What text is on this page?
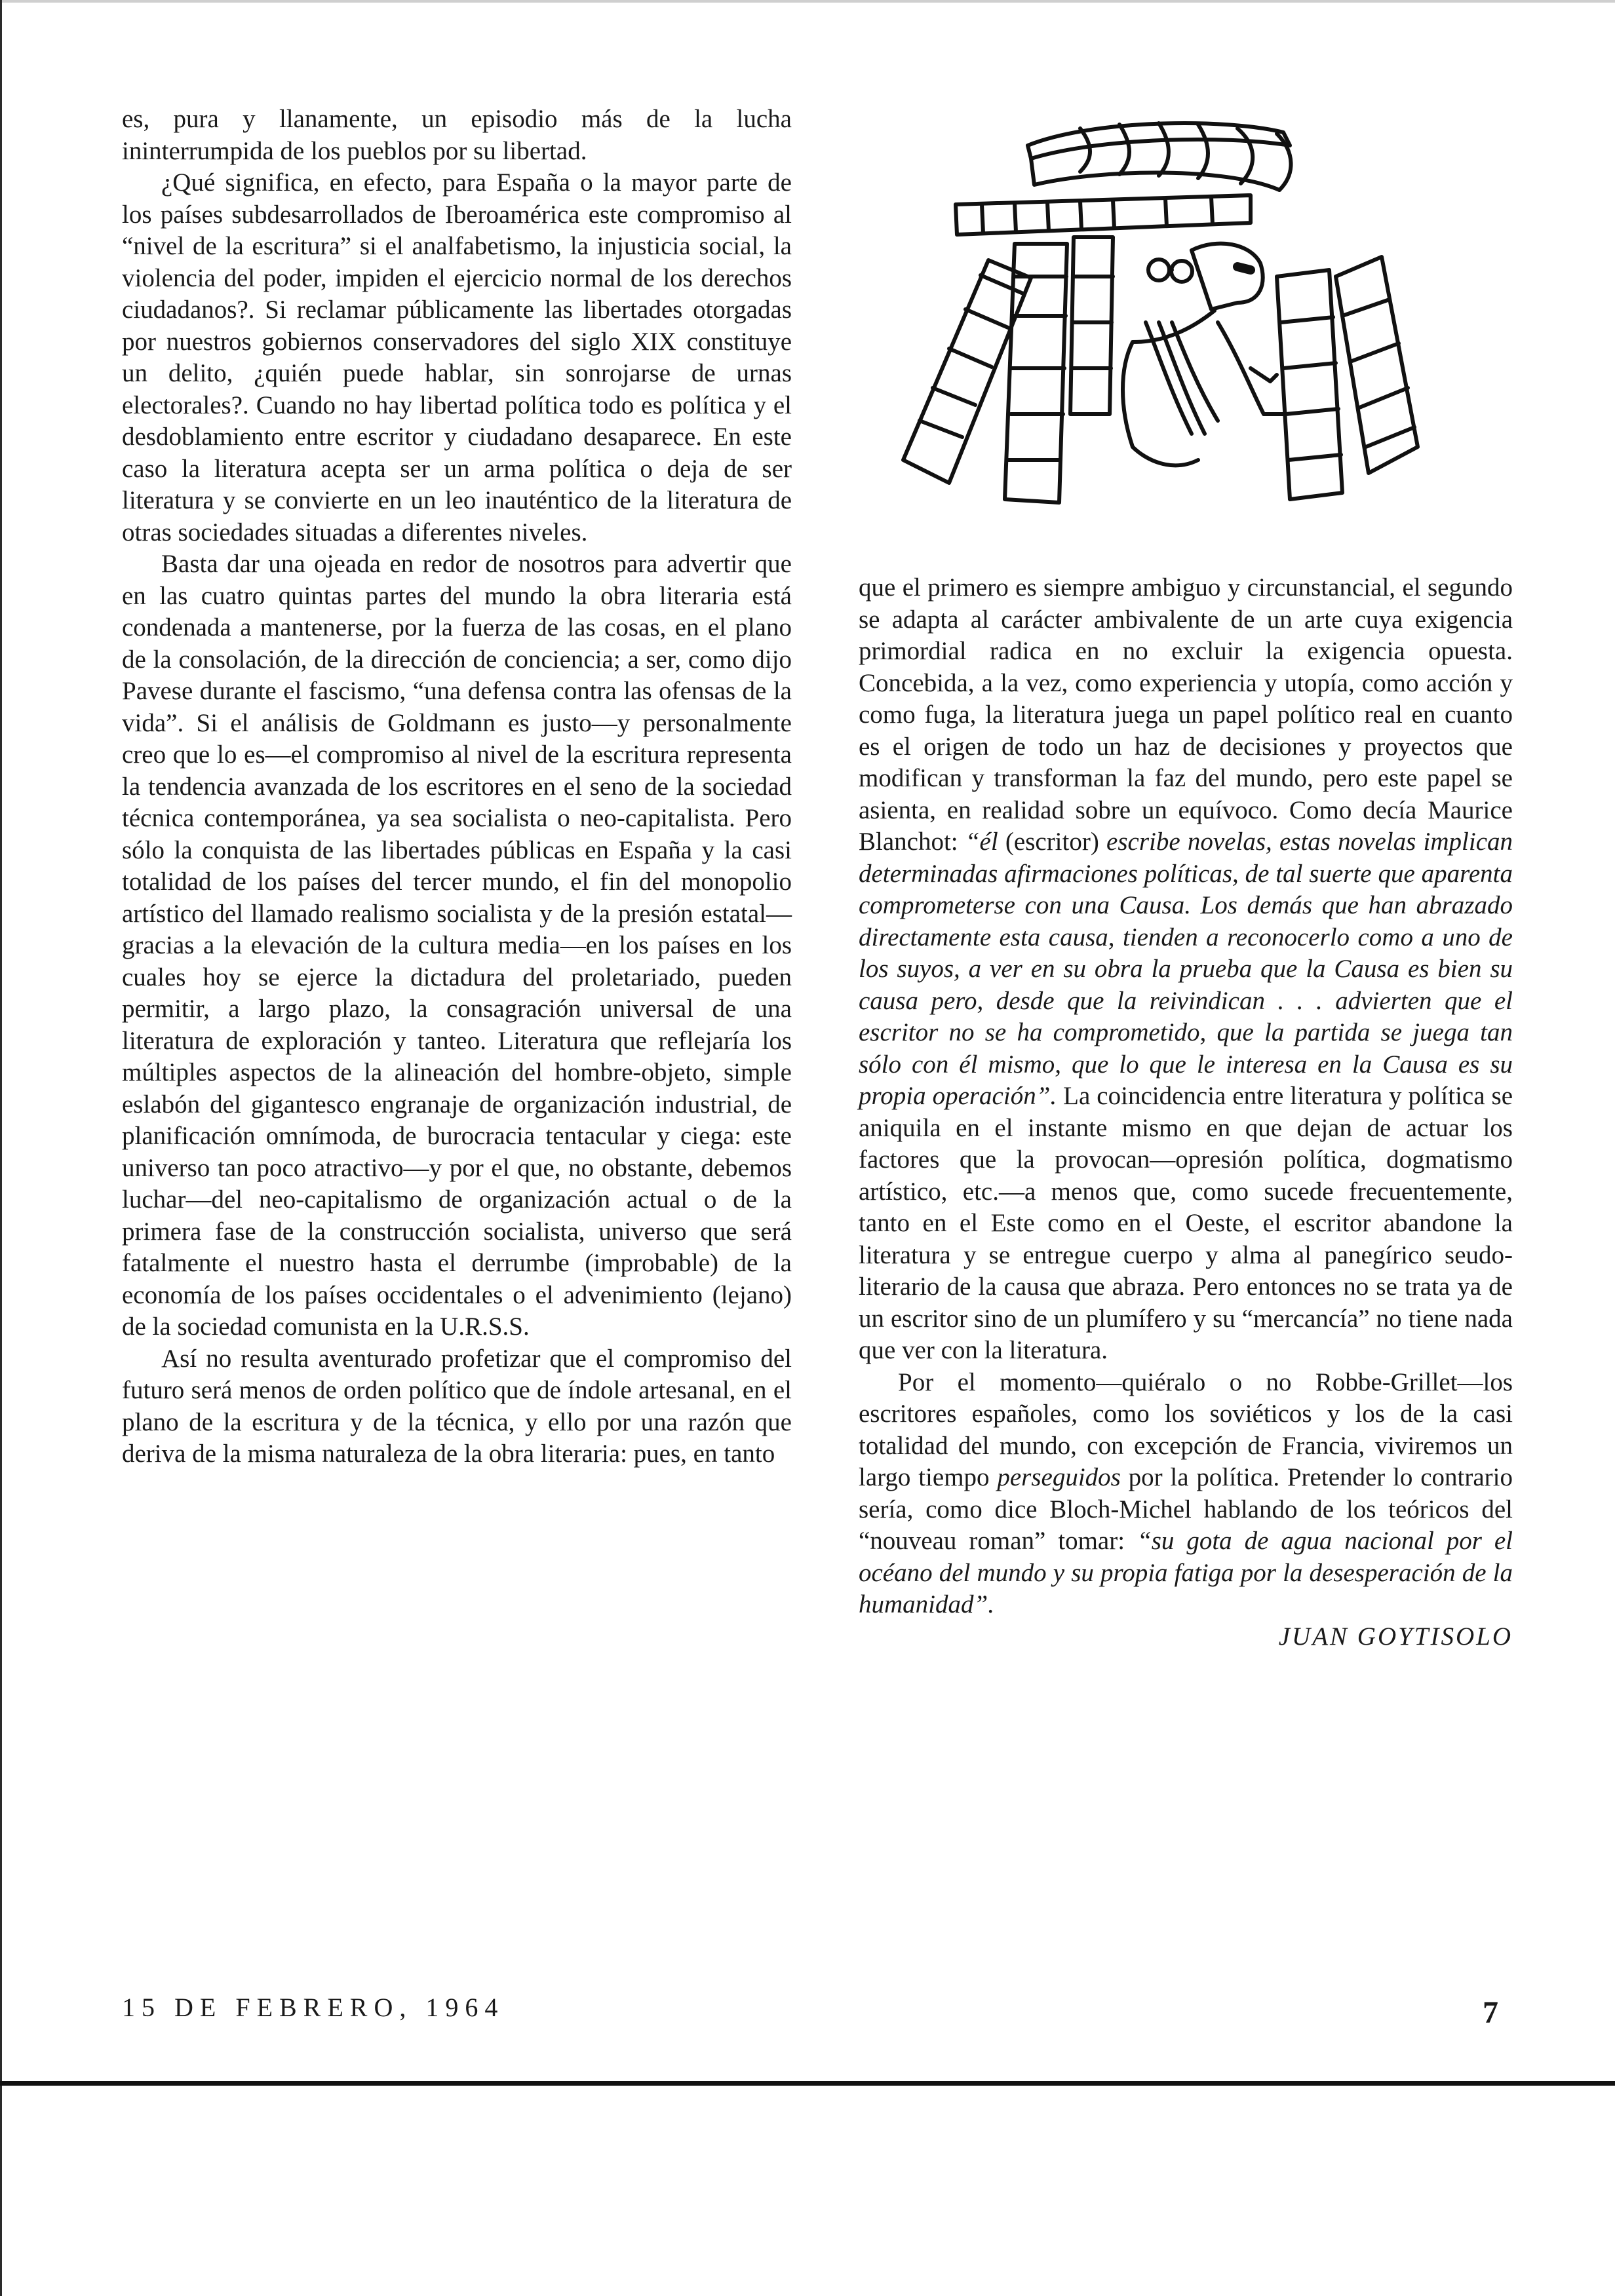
es, pura y llanamente, un episodio más de la lucha ininterrumpida de los pueblos por su libertad.

¿Qué significa, en efecto, para España o la mayor parte de los países subdesarrollados de Iberoamérica este compromiso al “nivel de la escritura” si el analfabetismo, la injusticia social, la violencia del poder, impiden el ejercicio normal de los derechos ciudadanos?. Si reclamar públicamente las libertades otorgadas por nuestros gobiernos conservadores del siglo XIX constituye un delito, ¿quién puede hablar, sin sonrojarse de urnas electorales?. Cuando no hay libertad política todo es política y el desdoblamiento entre escritor y ciudadano desaparece. En este caso la literatura acepta ser un arma política o deja de ser literatura y se convierte en un leo inauténtico de la literatura de otras sociedades situadas a diferentes niveles.

Basta dar una ojeada en redor de nosotros para advertir que en las cuatro quintas partes del mundo la obra literaria está condenada a mantenerse, por la fuerza de las cosas, en el plano de la consolación, de la dirección de conciencia; a ser, como dijo Pavese durante el fascismo, “una defensa contra las ofensas de la vida”. Si el análisis de Goldmann es justo—y personalmente creo que lo es—el compromiso al nivel de la escritura representa la tendencia avanzada de los escritores en el seno de la sociedad técnica contemporánea, ya sea socialista o neo-capitalista. Pero sólo la conquista de las libertades públicas en España y la casi totalidad de los países del tercer mundo, el fin del monopolio artístico del llamado realismo socialista y de la presión estatal—gracias a la elevación de la cultura media—en los países en los cuales hoy se ejerce la dictadura del proletariado, pueden permitir, a largo plazo, la consagración universal de una literatura de exploración y tanteo. Literatura que reflejaría los múltiples aspectos de la alineación del hombre-objeto, simple eslabón del gigantesco engranaje de organización industrial, de planificación omnímoda, de burocracia tentacular y ciega: este universo tan poco atractivo—y por el que, no obstante, debemos luchar—del neo-capitalismo de organización actual o de la primera fase de la construcción socialista, universo que será fatalmente el nuestro hasta el derrumbe (improbable) de la economía de los países occidentales o el advenimiento (lejano) de la sociedad comunista en la U.R.S.S.

Así no resulta aventurado profetizar que el compromiso del futuro será menos de orden político que de índole artesanal, en el plano de la escritura y de la técnica, y ello por una razón que deriva de la misma naturaleza de la obra literaria: pues, en tanto

que el primero es siempre ambiguo y circunstancial, el segundo se adapta al carácter ambivalente de un arte cuya exigencia primordial radica en no excluir la exigencia opuesta. Concebida, a la vez, como experiencia y utopía, como acción y como fuga, la literatura juega un papel político real en cuanto es el origen de todo un haz de decisiones y proyectos que modifican y transforman la faz del mundo, pero este papel se asienta, en realidad sobre un equívoco. Como decía Maurice Blanchot: “él (escritor) escribe novelas, estas novelas implican determinadas afirmaciones políticas, de tal suerte que aparenta comprometerse con una Causa. Los demás que han abrazado directamente esta causa, tienden a reconocerlo como a uno de los suyos, a ver en su obra la prueba que la Causa es bien su causa pero, desde que la reivindican . . . advierten que el escritor no se ha comprometido, que la partida se juega tan sólo con él mismo, que lo que le interesa en la Causa es su propia operación”. La coincidencia entre literatura y política se aniquila en el instante mismo en que dejan de actuar los factores que la provocan—opresión política, dogmatismo artístico, etc.—a menos que, como sucede frecuentemente, tanto en el Este como en el Oeste, el escritor abandone la literatura y se entregue cuerpo y alma al panegírico seudo-literario de la causa que abraza. Pero entonces no se trata ya de un escritor sino de un plumífero y su “mercancía” no tiene nada que ver con la literatura.

Por el momento—quiéralo o no Robbe-Grillet—los escritores españoles, como los soviéticos y los de la casi totalidad del mundo, con excepción de Francia, viviremos un largo tiempo perseguidos por la política. Pretender lo contrario sería, como dice Bloch-Michel hablando de los teóricos del “nouveau roman” tomar: “su gota de agua nacional por el océano del mundo y su propia fatiga por la desesperación de la humanidad”.

JUAN GOYTISOLO

15 DE FEBRERO, 1964	7
